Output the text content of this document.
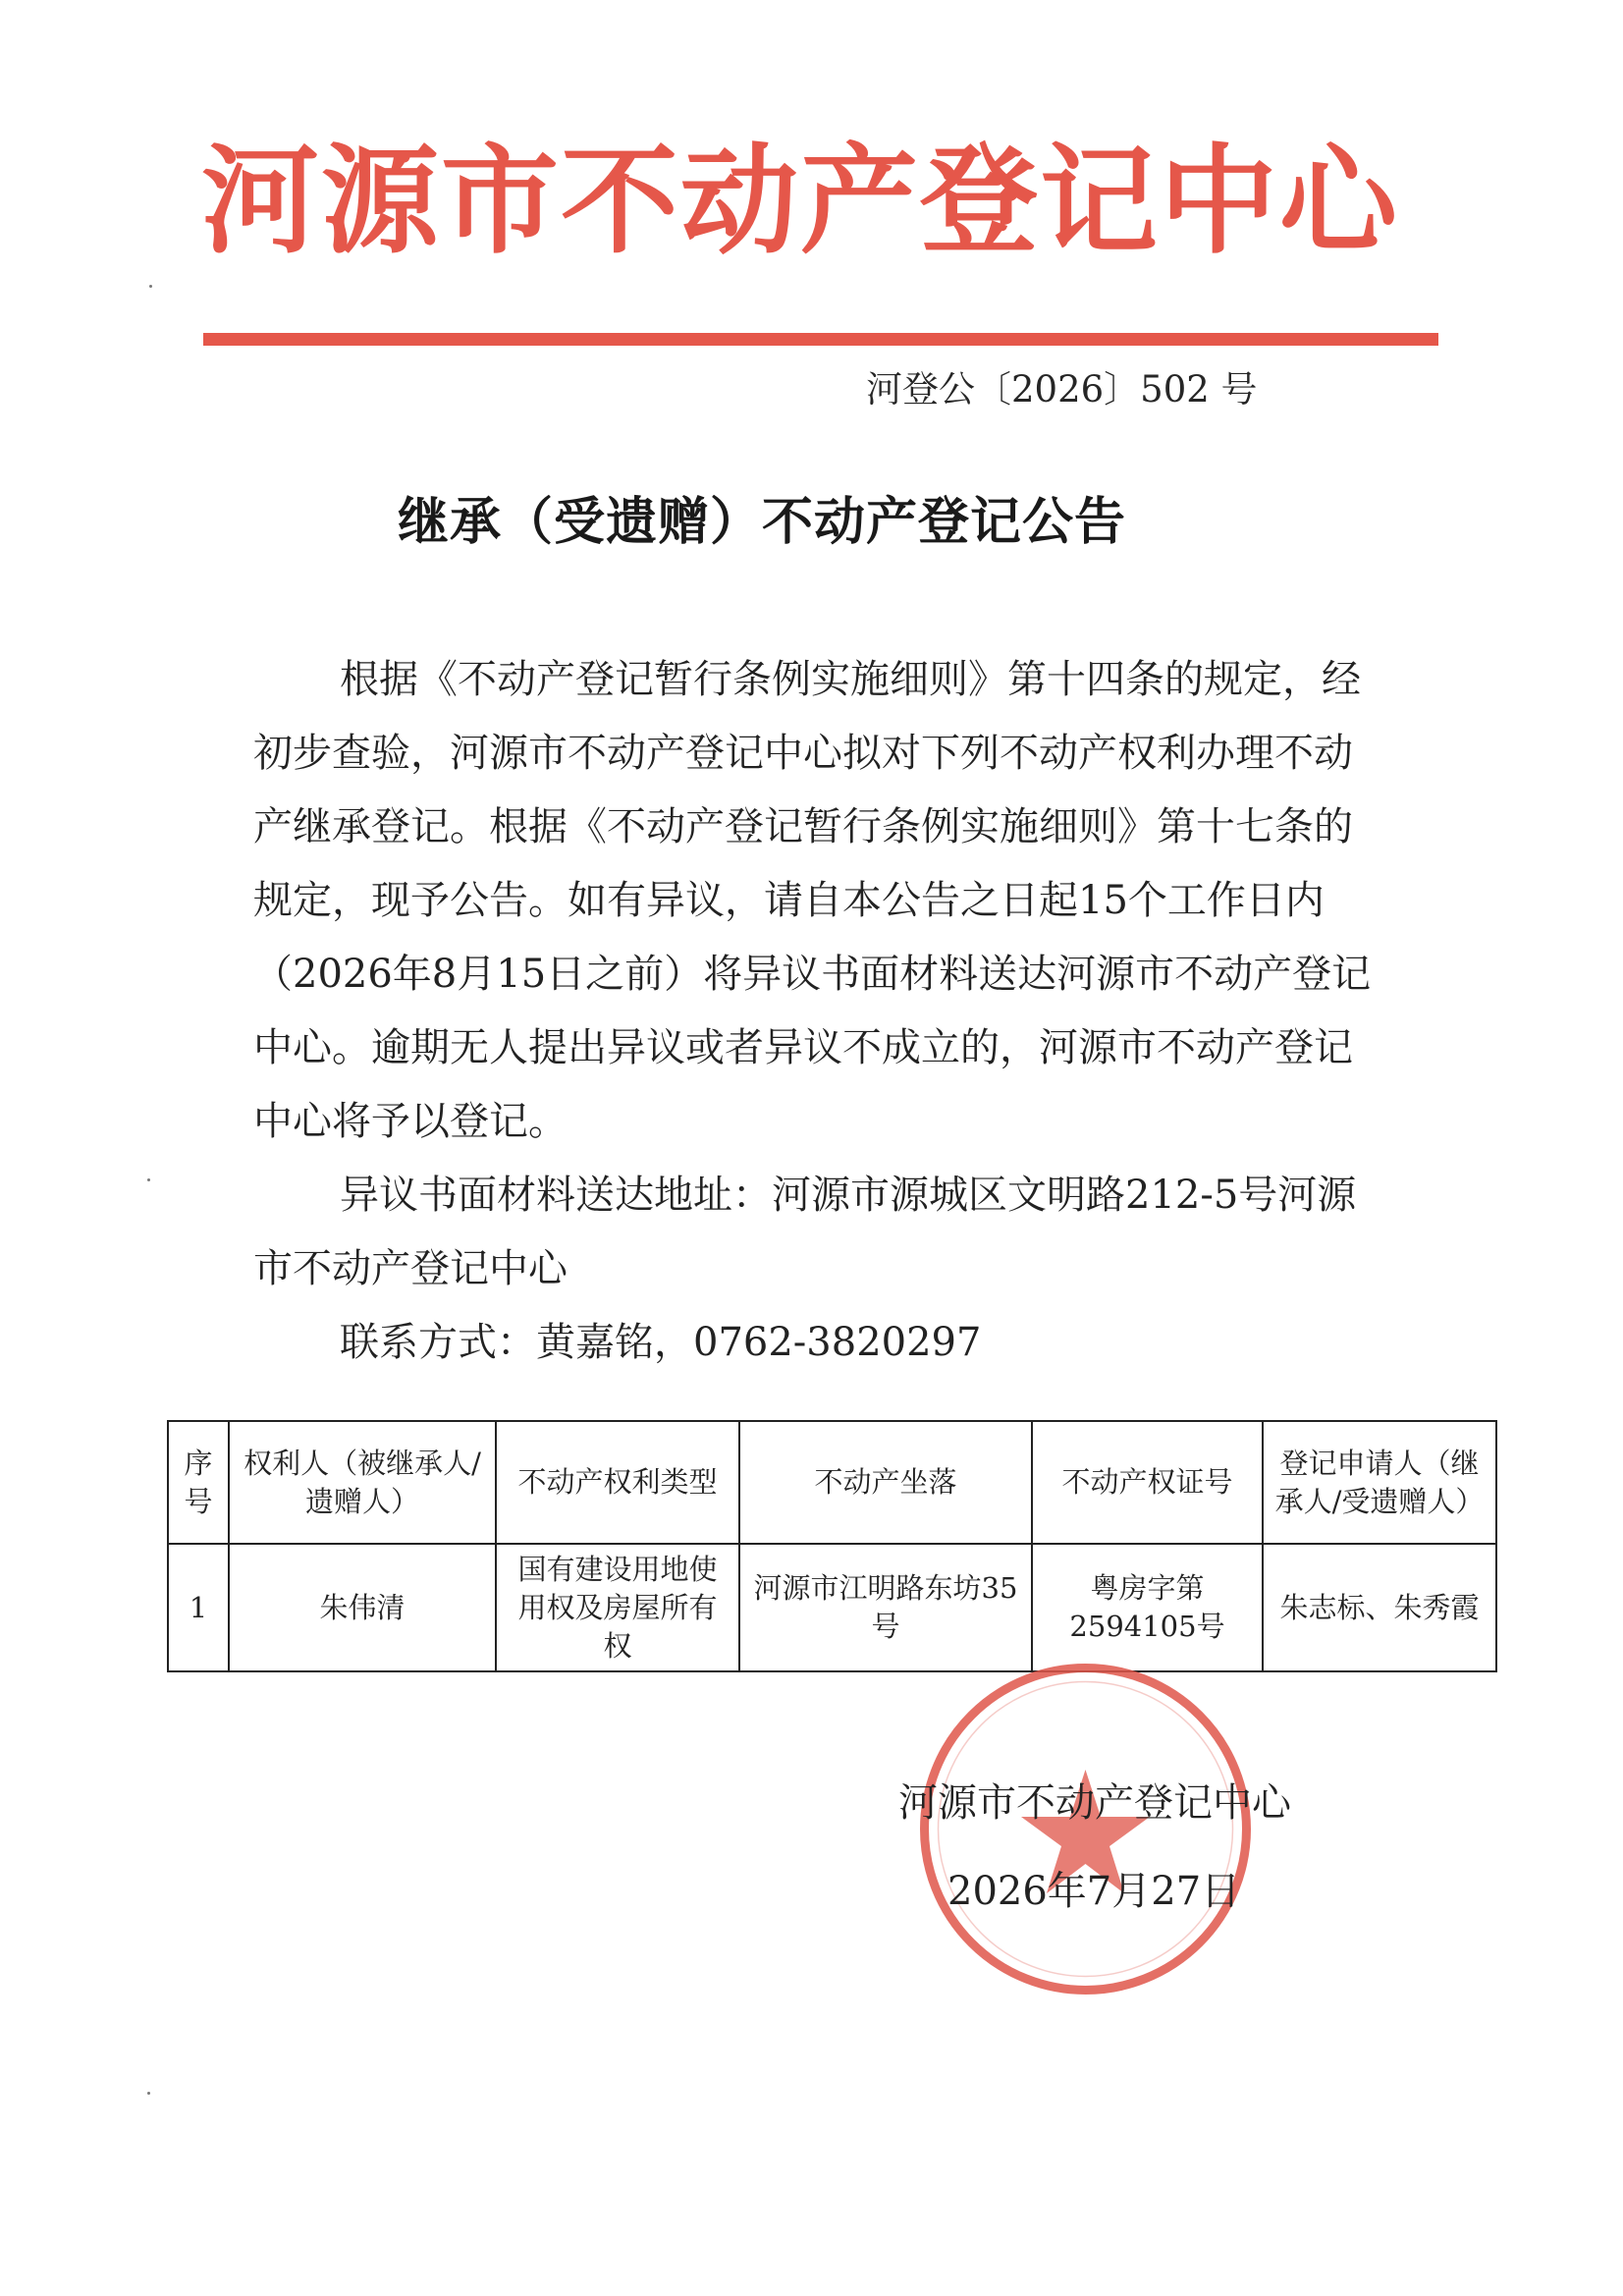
河源市不动产登记中心
河登公〔2026〕502 号
继承（受遗赠）不动产登记公告

根据《不动产登记暂行条例实施细则》第十四条的规定，经初步查验，河源市不动产登记中心拟对下列不动产权利办理不动产继承登记。根据《不动产登记暂行条例实施细则》第十七条的规定，现予公告。如有异议，请自本公告之日起15个工作日内（2026年8月15日之前）将异议书面材料送达河源市不动产登记中心。逾期无人提出异议或者异议不成立的，河源市不动产登记中心将予以登记。

异议书面材料送达地址：河源市源城区文明路212-5号河源市不动产登记中心

联系方式：黄嘉铭，0762-3820297

序号	权利人（被继承人/遗赠人）	不动产权利类型	不动产坐落	不动产权证号	登记申请人（继承人/受遗赠人）
1	朱伟清	国有建设用地使用权及房屋所有权	河源市江明路东坊35号	粤房字第2594105号	朱志标、朱秀霞
河源市不动产登记中心
2026年7月27日
